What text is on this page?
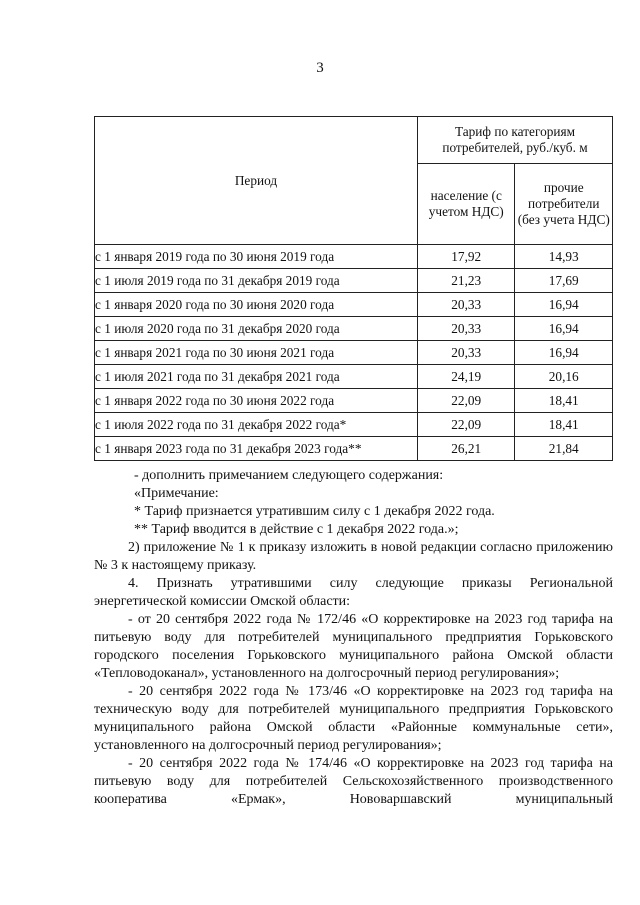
3
Период	Тариф по категориям потребителей, руб./куб. м	
	население (с учетом НДС)	прочие потребители (без учета НДС)
с 1 января 2019 года по 30 июня 2019 года	17,92	14,93
с 1 июля 2019 года по 31 декабря 2019 года	21,23	17,69
с 1 января 2020 года по 30 июня 2020 года	20,33	16,94
с 1 июля 2020 года по 31 декабря 2020 года	20,33	16,94
с 1 января 2021 года по 30 июня 2021 года	20,33	16,94
с 1 июля 2021 года по 31 декабря 2021 года	24,19	20,16
с 1 января 2022 года по 30 июня 2022 года	22,09	18,41
с 1 июля 2022 года по 31 декабря 2022 года*	22,09	18,41
с 1 января 2023 года по 31 декабря 2023 года**	26,21	21,84

- дополнить примечанием следующего содержания:

«Примечание:

* Тариф признается утратившим силу с 1 декабря 2022 года.

** Тариф вводится в действие с 1 декабря 2022 года.»;

2) приложение № 1 к приказу изложить в новой редакции согласно приложению № 3 к настоящему приказу.

4. Признать утратившими силу следующие приказы Региональной энергетической комиссии Омской области:

- от 20 сентября 2022 года № 172/46 «О корректировке на 2023 год тарифа на питьевую воду для потребителей муниципального предприятия Горьковского городского поселения Горьковского муниципального района Омской области «Тепловодоканал», установленного на долгосрочный период регулирования»;

- 20 сентября 2022 года № 173/46 «О корректировке на 2023 год тарифа на техническую воду для потребителей муниципального предприятия Горьковского муниципального района Омской области «Районные коммунальные сети», установленного на долгосрочный период регулирования»;

- 20 сентября 2022 года № 174/46 «О корректировке на 2023 год тарифа на питьевую воду для потребителей Сельскохозяйственного производственного кооператива «Ермак», Нововаршавский муниципальный
